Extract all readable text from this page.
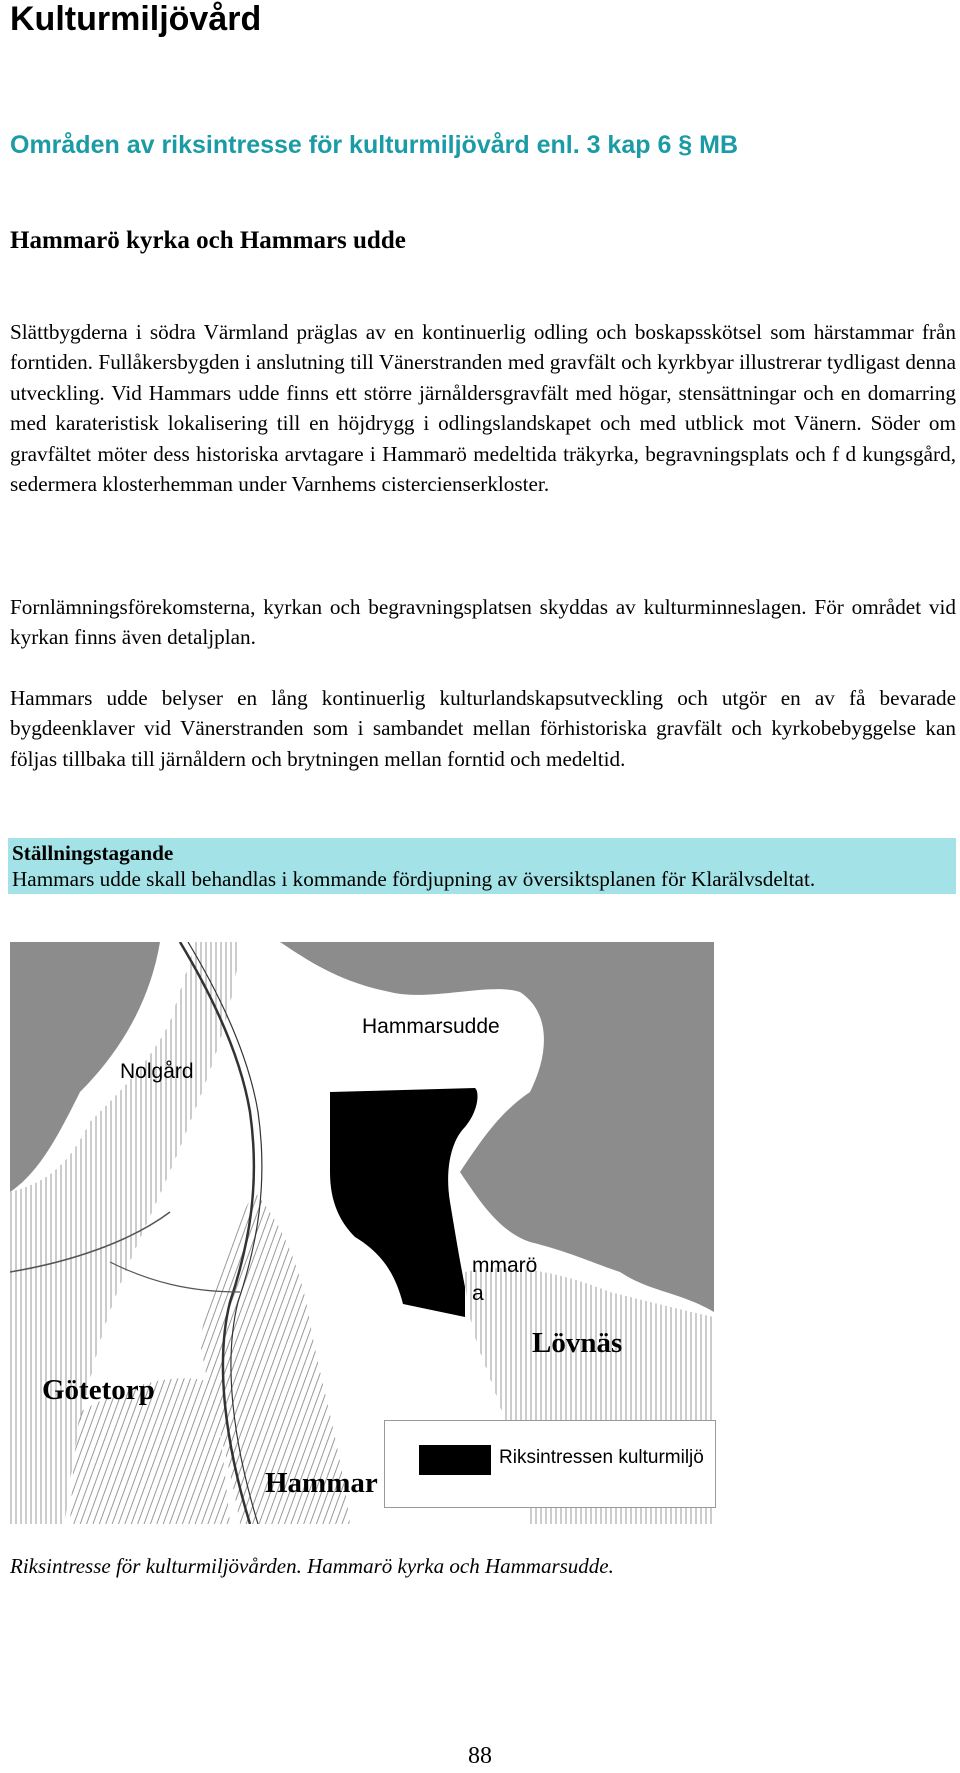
Kulturmiljövård
Områden av riksintresse för kulturmiljövård enl. 3 kap 6 § MB
Hammarö kyrka och Hammars udde

Slättbygderna i södra Värmland präglas av en kontinuerlig odling och boskapsskötsel som härstammar från forntiden. Fullåkersbygden i anslutning till Vänerstranden med gravfält och kyrkbyar illustrerar tydligast denna utveckling. Vid Hammars udde finns ett större järnåldersgravfält med högar, stensättningar och en domarring med karateristisk lokalisering till en höjdrygg i odlingslandskapet och med utblick mot Vänern. Söder om gravfältet möter dess historiska arvtagare i Hammarö medeltida träkyrka, begravningsplats och f d kungsgård, sedermera klosterhemman under Varnhems cistercienserkloster.

Fornlämningsförekomsterna, kyrkan och begravningsplatsen skyddas av kulturminneslagen. För området vid kyrkan finns även detaljplan.

Hammars udde belyser en lång kontinuerlig kulturlandskapsutveckling och utgör en av få bevarade bygdeenklaver vid Vänerstranden som i sambandet mellan förhistoriska gravfält och kyrkobebyggelse kan följas tillbaka till järnåldern och brytningen mellan forntid och medeltid.

Ställningstagande
Hammars udde skall behandlas i kommande fördjupning av översiktsplanen för Klarälvsdeltat.
Hammarsudde
Nolgård
mmarö
a
Lövnäs
Götetorp
Hammar
Riksintressen kulturmiljö

Riksintresse för kulturmiljövården. Hammarö kyrka och Hammarsudde.

88
